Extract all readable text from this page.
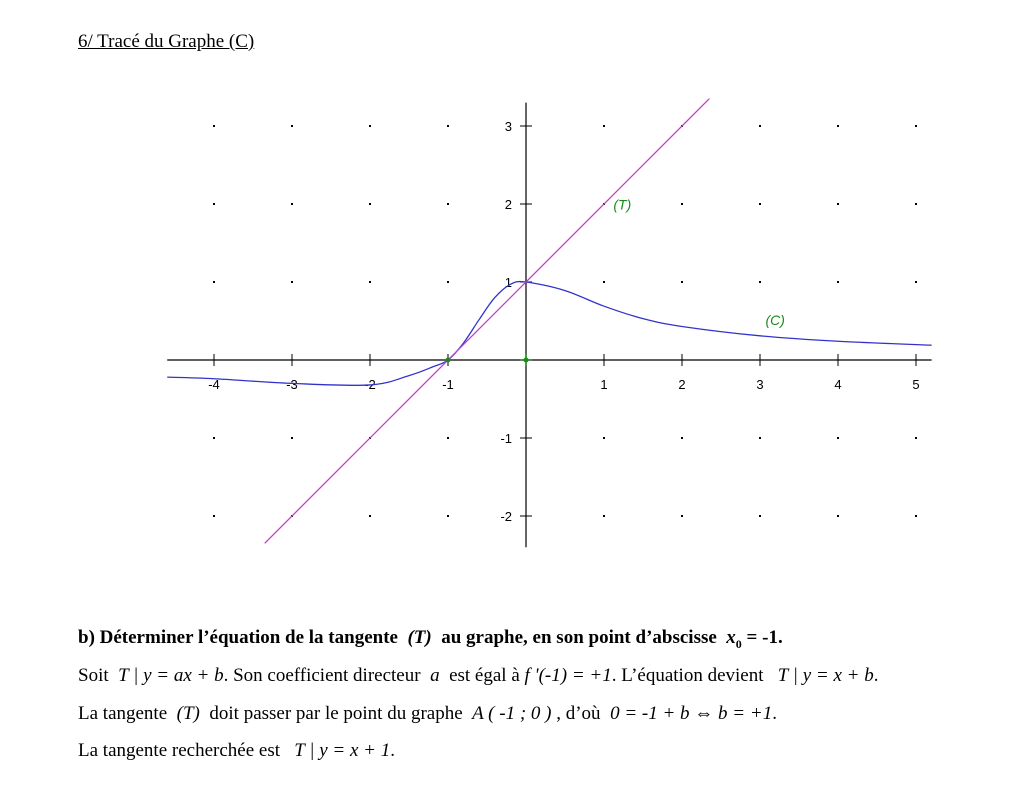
6/ Tracé du Graphe (C)
-4	-3	-2	-1	1	2	3	4	5
-2
-1
1
2
3
(T)
(C)

b) Déterminer l’équation de la tangente (T) au graphe, en son point d’abscisse $x_0 = -1$.

Soit T | y = ax + b. Son coefficient directeur a est égal à f '(-1) = +1. L’équation devient T | y = x + b.

La tangente (T) doit passer par le point du graphe A ( -1 ; 0 ) , d’où 0 = -1 + b ⇔ b = +1.

La tangente recherchée est T | y = x + 1.
